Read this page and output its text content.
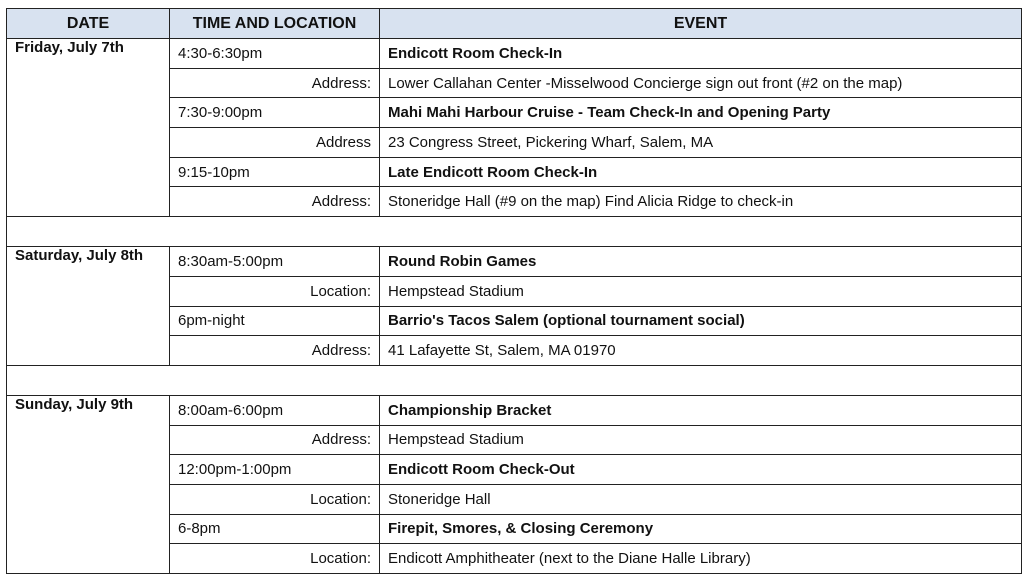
DATE	TIME AND LOCATION	EVENT
Friday, July 7th	4:30-6:30pm	Endicott Room Check-In
	Address:	Lower Callahan Center -Misselwood Concierge sign out front (#2 on the map)
	7:30-9:00pm	Mahi Mahi Harbour Cruise - Team Check-In and Opening Party
	Address	23 Congress Street, Pickering Wharf, Salem, MA
	9:15-10pm	Late Endicott Room Check-In
	Address:	Stoneridge Hall (#9 on the map) Find Alicia Ridge to check-in

Saturday, July 8th	8:30am-5:00pm	Round Robin Games
	Location:	Hempstead Stadium
	6pm-night	Barrio's Tacos Salem (optional tournament social)
	Address:	41 Lafayette St, Salem, MA 01970

Sunday, July 9th	8:00am-6:00pm	Championship Bracket
	Address:	Hempstead Stadium
	12:00pm-1:00pm	Endicott Room Check-Out
	Location:	Stoneridge Hall
	6-8pm	Firepit, Smores, & Closing Ceremony
	Location:	Endicott Amphitheater (next to the Diane Halle Library)
